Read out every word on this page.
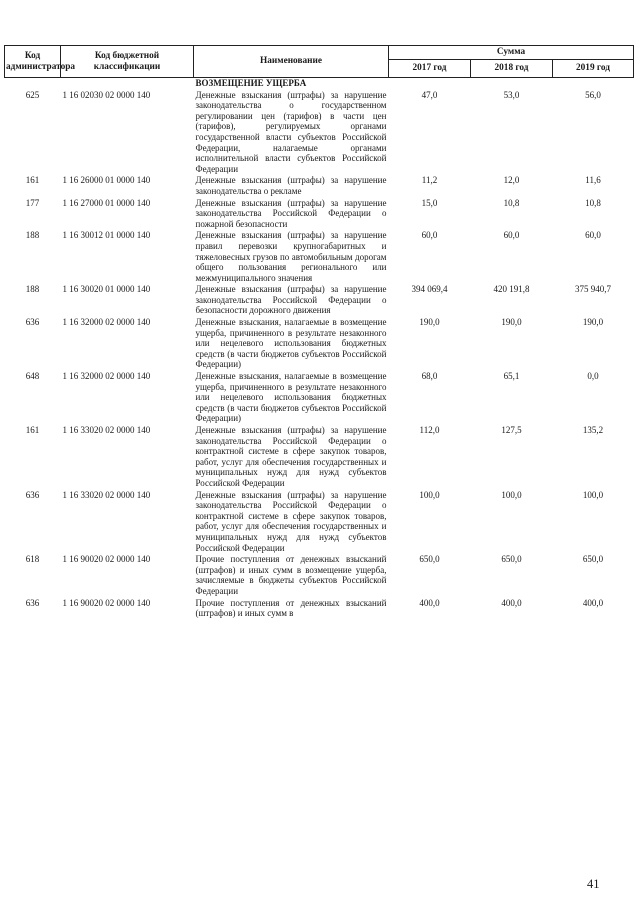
Код администратора	Код бюджетной классификации	Наименование	Сумма		
			2017 год	2018 год	2019 год
		ВОЗМЕЩЕНИЕ УЩЕРБА			
625	1 16 02030 02 0000 140	Денежные взыскания (штрафы) за нарушение законодательства о государственном регулировании цен (тарифов) в части цен (тарифов), регулируемых органами государственной власти субъектов Российской Федерации, налагаемые органами исполнительной власти субъектов Российской Федерации	47,0	53,0	56,0
161	1 16 26000 01 0000 140	Денежные взыскания (штрафы) за нарушение законодательства о рекламе	11,2	12,0	11,6
177	1 16 27000 01 0000 140	Денежные взыскания (штрафы) за нарушение законодательства Российской Федерации о пожарной безопасности	15,0	10,8	10,8
188	1 16 30012 01 0000 140	Денежные взыскания (штрафы) за нарушение правил перевозки крупногабаритных и тяжеловесных грузов по автомобильным дорогам общего пользования регионального или межмуниципального значения	60,0	60,0	60,0
188	1 16 30020 01 0000 140	Денежные взыскания (штрафы) за нарушение законодательства Российской Федерации о безопасности дорожного движения	394 069,4	420 191,8	375 940,7
636	1 16 32000 02 0000 140	Денежные взыскания, налагаемые в возмещение ущерба, причиненного в результате незаконного или нецелевого использования бюджетных средств (в части бюджетов субъектов Российской Федерации)	190,0	190,0	190,0
648	1 16 32000 02 0000 140	Денежные взыскания, налагаемые в возмещение ущерба, причиненного в результате незаконного или нецелевого использования бюджетных средств (в части бюджетов субъектов Российской Федерации)	68,0	65,1	0,0
161	1 16 33020 02 0000 140	Денежные взыскания (штрафы) за нарушение законодательства Российской Федерации о контрактной системе в сфере закупок товаров, работ, услуг для обеспечения государственных и муниципальных нужд для нужд субъектов Российской Федерации	112,0	127,5	135,2
636	1 16 33020 02 0000 140	Денежные взыскания (штрафы) за нарушение законодательства Российской Федерации о контрактной системе в сфере закупок товаров, работ, услуг для обеспечения государственных и муниципальных нужд для нужд субъектов Российской Федерации	100,0	100,0	100,0
618	1 16 90020 02 0000 140	Прочие поступления от денежных взысканий (штрафов) и иных сумм в возмещение ущерба, зачисляемые в бюджеты субъектов Российской Федерации	650,0	650,0	650,0
636	1 16 90020 02 0000 140	Прочие поступления от денежных взысканий (штрафов) и иных сумм в	400,0	400,0	400,0
41
